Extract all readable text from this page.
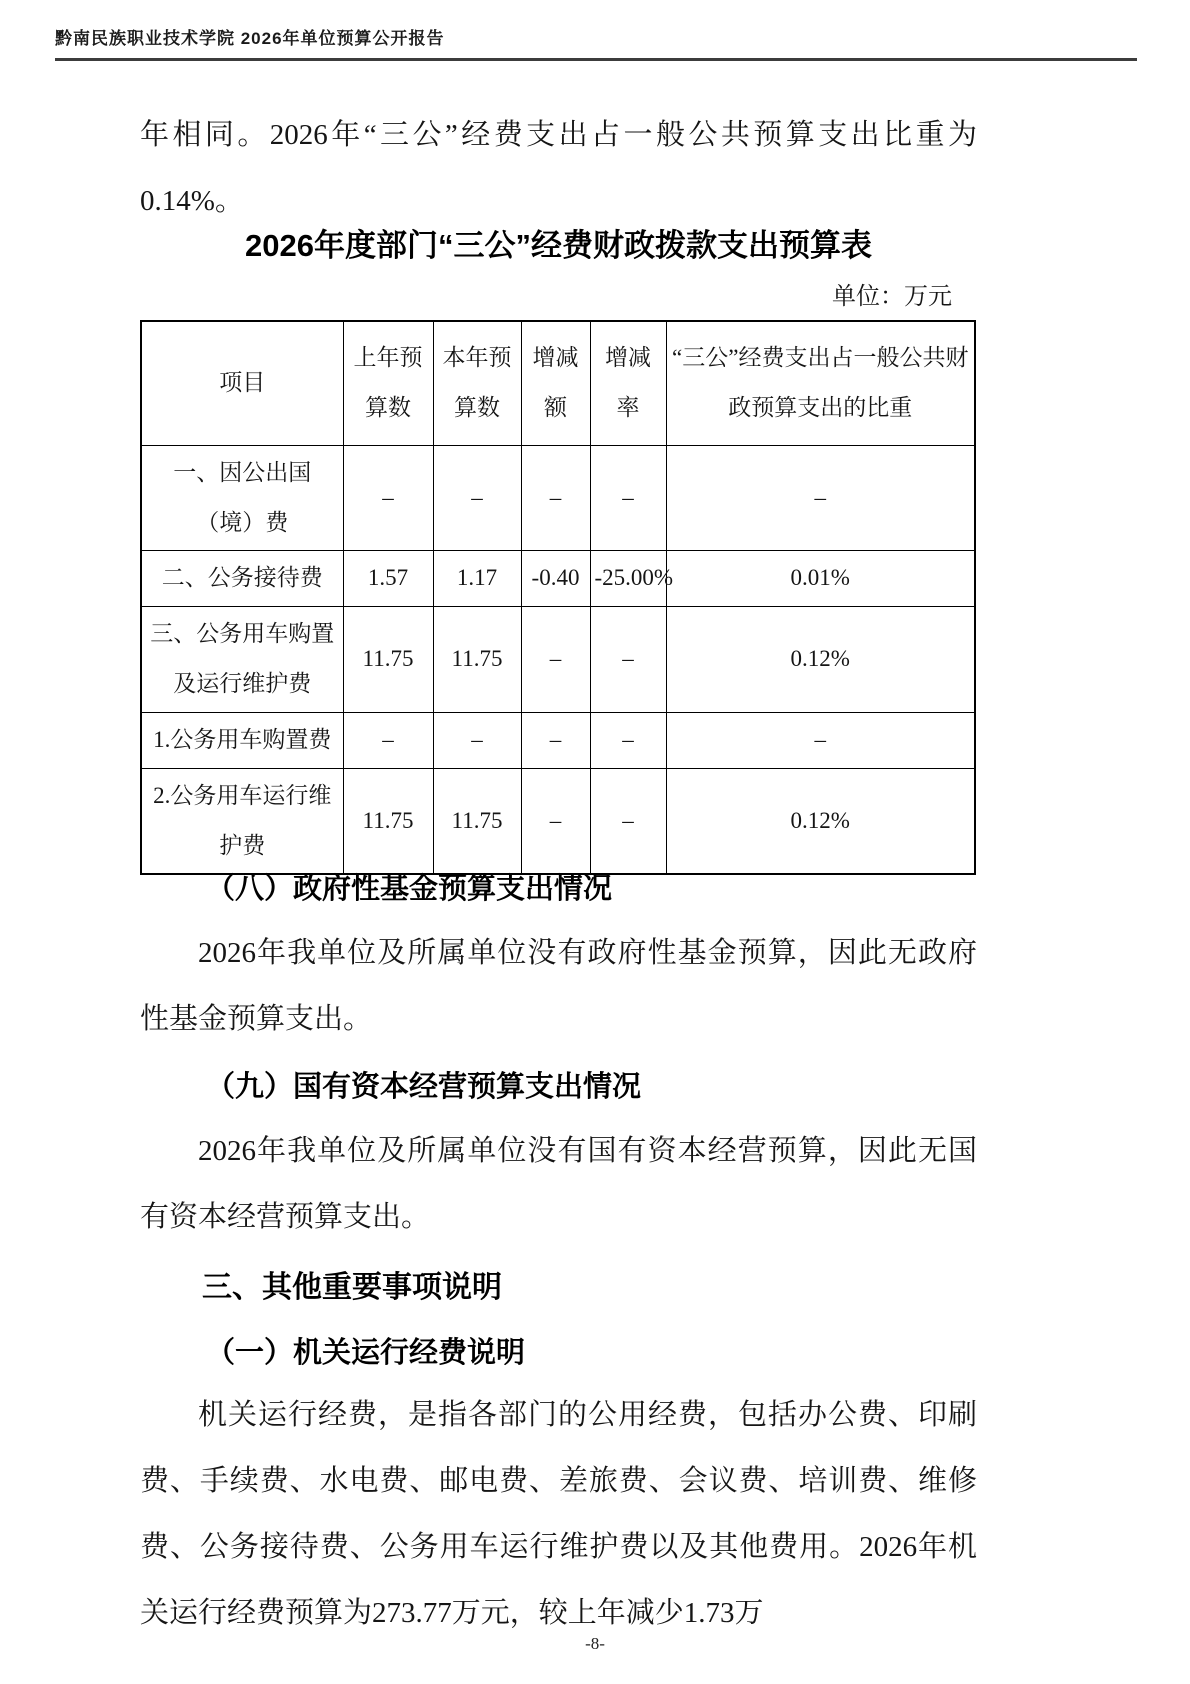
黔南民族职业技术学院 2026年单位预算公开报告

年相同。2026年“三公”经费支出占一般公共预算支出比重为0.14%。

2026年度部门“三公”经费财政拨款支出预算表
单位：万元
项目	上年预算数	本年预算数	增减额	增减率	“三公”经费支出占一般公共财政预算支出的比重
一、因公出国（境）费	–	–	–	–	–
二、公务接待费	1.57	1.17	-0.40	-25.00%	0.01%
三、公务用车购置及运行维护费	11.75	11.75	–	–	0.12%
1.公务用车购置费	–	–	–	–	–
2.公务用车运行维护费	11.75	11.75	–	–	0.12%
（八）政府性基金预算支出情况

2026年我单位及所属单位没有政府性基金预算，因此无政府性基金预算支出。

（九）国有资本经营预算支出情况

2026年我单位及所属单位没有国有资本经营预算，因此无国有资本经营预算支出。

三、其他重要事项说明
（一）机关运行经费说明

机关运行经费，是指各部门的公用经费，包括办公费、印刷费、手续费、水电费、邮电费、差旅费、会议费、培训费、维修费、公务接待费、公务用车运行维护费以及其他费用。2026年机关运行经费预算为273.77万元，较上年减少1.73万

-8-
